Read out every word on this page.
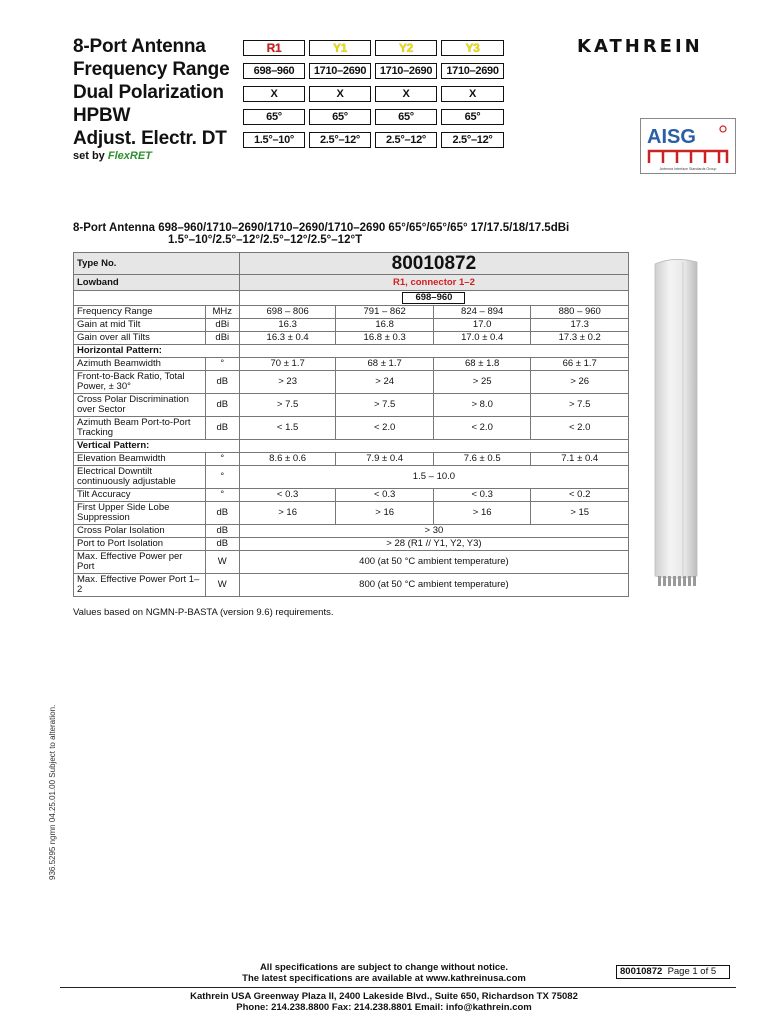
8-Port Antenna	R1	Y1	Y2	Y3
Frequency Range	698–960	1710–2690	1710–2690	1710–2690
Dual Polarization	X	X	X	X
HPBW	65°	65°	65°	65°
Adjust. Electr. DT	1.5°–10°	2.5°–12°	2.5°–12°	2.5°–12°
set by FlexRET
KATHREIN
AISG
Antenna Interface Standards Group
8-Port Antenna 698–960/1710–2690/1710–2690/1710–2690 65°/65°/65°/65° 17/17.5/18/17.5dBi
1.5°–10°/2.5°–12°/2.5°–12°/2.5°–12°T
Type No.		80010872			
Lowband		R1, connector 1–2			
		698–960			
Frequency Range	MHz	698 – 806	791 – 862	824 – 894	880 – 960
Gain at mid Tilt	dBi	16.3	16.8	17.0	17.3
Gain over all Tilts	dBi	16.3 ± 0.4	16.8 ± 0.3	17.0 ± 0.4	17.3 ± 0.2
Horizontal Pattern:					
Azimuth Beamwidth	°	70 ± 1.7	68 ± 1.7	68 ± 1.8	66 ± 1.7
Front-to-Back Ratio, Total Power, ± 30°	dB	> 23	> 24	> 25	> 26
Cross Polar Discrimination over Sector	dB	> 7.5	> 7.5	> 8.0	> 7.5
Azimuth Beam Port-to-Port Tracking	dB	< 1.5	< 2.0	< 2.0	< 2.0
Vertical Pattern:					
Elevation Beamwidth	°	8.6 ± 0.6	7.9 ± 0.4	7.6 ± 0.5	7.1 ± 0.4
Electrical Downtilt continuously adjustable	°	1.5 – 10.0			
Tilt Accuracy	°	< 0.3	< 0.3	< 0.3	< 0.2
First Upper Side Lobe Suppression	dB	> 16	> 16	> 16	> 15
Cross Polar Isolation	dB	> 30			
Port to Port Isolation	dB	> 28 (R1 // Y1, Y2, Y3)			
Max. Effective Power per Port	W	400 (at 50 °C ambient temperature)			
Max. Effective Power Port 1–2	W	800 (at 50 °C ambient temperature)			
Values based on NGMN-P-BASTA (version 9.6) requirements.
936.5295 ngmn 04.25.01.00 Subject to alteration.
All specifications are subject to change without notice.
The latest specifications are available at www.kathreinusa.com
80010872 Page 1 of 5
Kathrein USA Greenway Plaza II, 2400 Lakeside Blvd., Suite 650, Richardson TX 75082
Phone: 214.238.8800 Fax: 214.238.8801 Email: info@kathrein.com
